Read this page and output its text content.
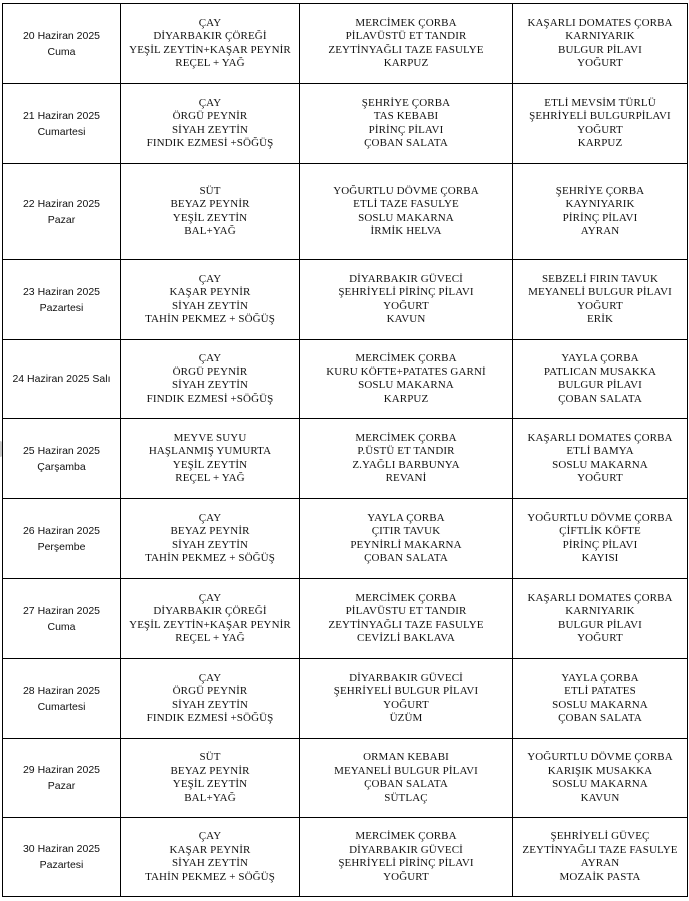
20 Haziran 2025
Cuma	ÇAY
DİYARBAKIR ÇÖREĞİ
YEŞİL ZEYTİN+KAŞAR PEYNİR
REÇEL + YAĞ	MERCİMEK ÇORBA
PİLAVÜSTÜ ET TANDIR
ZEYTİNYAĞLI TAZE FASULYE
KARPUZ	KAŞARLI DOMATES ÇORBA
KARNIYARIK
BULGUR PİLAVI
YOĞURT

21 Haziran 2025
Cumartesi	ÇAY
ÖRGÜ PEYNİR
SİYAH ZEYTİN
FINDIK EZMESİ +SÖĞÜŞ	ŞEHRİYE ÇORBA
TAS KEBABI
PİRİNÇ PİLAVI
ÇOBAN SALATA	ETLİ MEVSİM TÜRLÜ
ŞEHRİYELİ BULGURPİLAVI
YOĞURT
KARPUZ

22 Haziran 2025
Pazar	SÜT
BEYAZ PEYNİR
YEŞİL ZEYTİN
BAL+YAĞ	YOĞURTLU DÖVME ÇORBA
ETLİ TAZE FASULYE
SOSLU MAKARNA
İRMİK HELVA	ŞEHRİYE ÇORBA
KAYNIYARIK
PİRİNÇ PİLAVI
AYRAN

23 Haziran 2025
Pazartesi	ÇAY
KAŞAR PEYNİR
SİYAH ZEYTİN
TAHİN PEKMEZ + SÖĞÜŞ	DİYARBAKIR GÜVECİ
ŞEHRİYELİ PİRİNÇ PİLAVI
YOĞURT
KAVUN	SEBZELİ FIRIN TAVUK
MEYANELİ BULGUR PİLAVI
YOĞURT
ERİK

24 Haziran 2025 Salı	ÇAY
ÖRGÜ PEYNİR
SİYAH ZEYTİN
FINDIK EZMESİ +SÖĞÜŞ	MERCİMEK ÇORBA
KURU KÖFTE+PATATES GARNİ
SOSLU MAKARNA
KARPUZ	YAYLA ÇORBA
PATLICAN MUSAKKA
BULGUR PİLAVI
ÇOBAN SALATA

25 Haziran 2025
Çarşamba	MEYVE SUYU
HAŞLANMIŞ YUMURTA
YEŞİL ZEYTİN
REÇEL + YAĞ	MERCİMEK ÇORBA
P.ÜSTÜ ET TANDIR
Z.YAĞLI BARBUNYA
REVANİ	KAŞARLI DOMATES ÇORBA
ETLİ BAMYA
SOSLU MAKARNA
YOĞURT

26 Haziran 2025
Perşembe	ÇAY
BEYAZ PEYNİR
SİYAH ZEYTİN
TAHİN PEKMEZ + SÖĞÜŞ	YAYLA ÇORBA
ÇITIR TAVUK
PEYNİRLİ MAKARNA
ÇOBAN SALATA	YOĞURTLU DÖVME ÇORBA
ÇİFTLİK KÖFTE
PİRİNÇ PİLAVI
KAYISI

27 Haziran 2025
Cuma	ÇAY
DİYARBAKIR ÇÖREĞİ
YEŞİL ZEYTİN+KAŞAR PEYNİR
REÇEL + YAĞ	MERCİMEK ÇORBA
PİLAVÜSTU ET TANDIR
ZEYTİNYAĞLI TAZE FASULYE
CEVİZLİ BAKLAVA	KAŞARLI DOMATES ÇORBA
KARNIYARIK
BULGUR PİLAVI
YOĞURT

28 Haziran 2025
Cumartesi	ÇAY
ÖRGÜ PEYNİR
SİYAH ZEYTİN
FINDIK EZMESİ +SÖĞÜŞ	DİYARBAKIR GÜVECİ
ŞEHRİYELİ BULGUR PİLAVI
YOĞURT
ÜZÜM	YAYLA ÇORBA
ETLİ PATATES
SOSLU MAKARNA
ÇOBAN SALATA

29 Haziran 2025
Pazar	SÜT
BEYAZ PEYNİR
YEŞİL ZEYTİN
BAL+YAĞ	ORMAN KEBABI
MEYANELİ BULGUR PİLAVI
ÇOBAN SALATA
SÜTLAÇ	YOĞURTLU DÖVME ÇORBA
KARIŞIK MUSAKKA
SOSLU MAKARNA
KAVUN

30 Haziran 2025
Pazartesi	ÇAY
KAŞAR PEYNİR
SİYAH ZEYTİN
TAHİN PEKMEZ + SÖĞÜŞ	MERCİMEK ÇORBA
DİYARBAKIR GÜVECİ
ŞEHRİYELİ PİRİNÇ PİLAVI
YOĞURT	ŞEHRİYELİ GÜVEÇ
ZEYTİNYAĞLI TAZE FASULYE
AYRAN
MOZAİK PASTA
